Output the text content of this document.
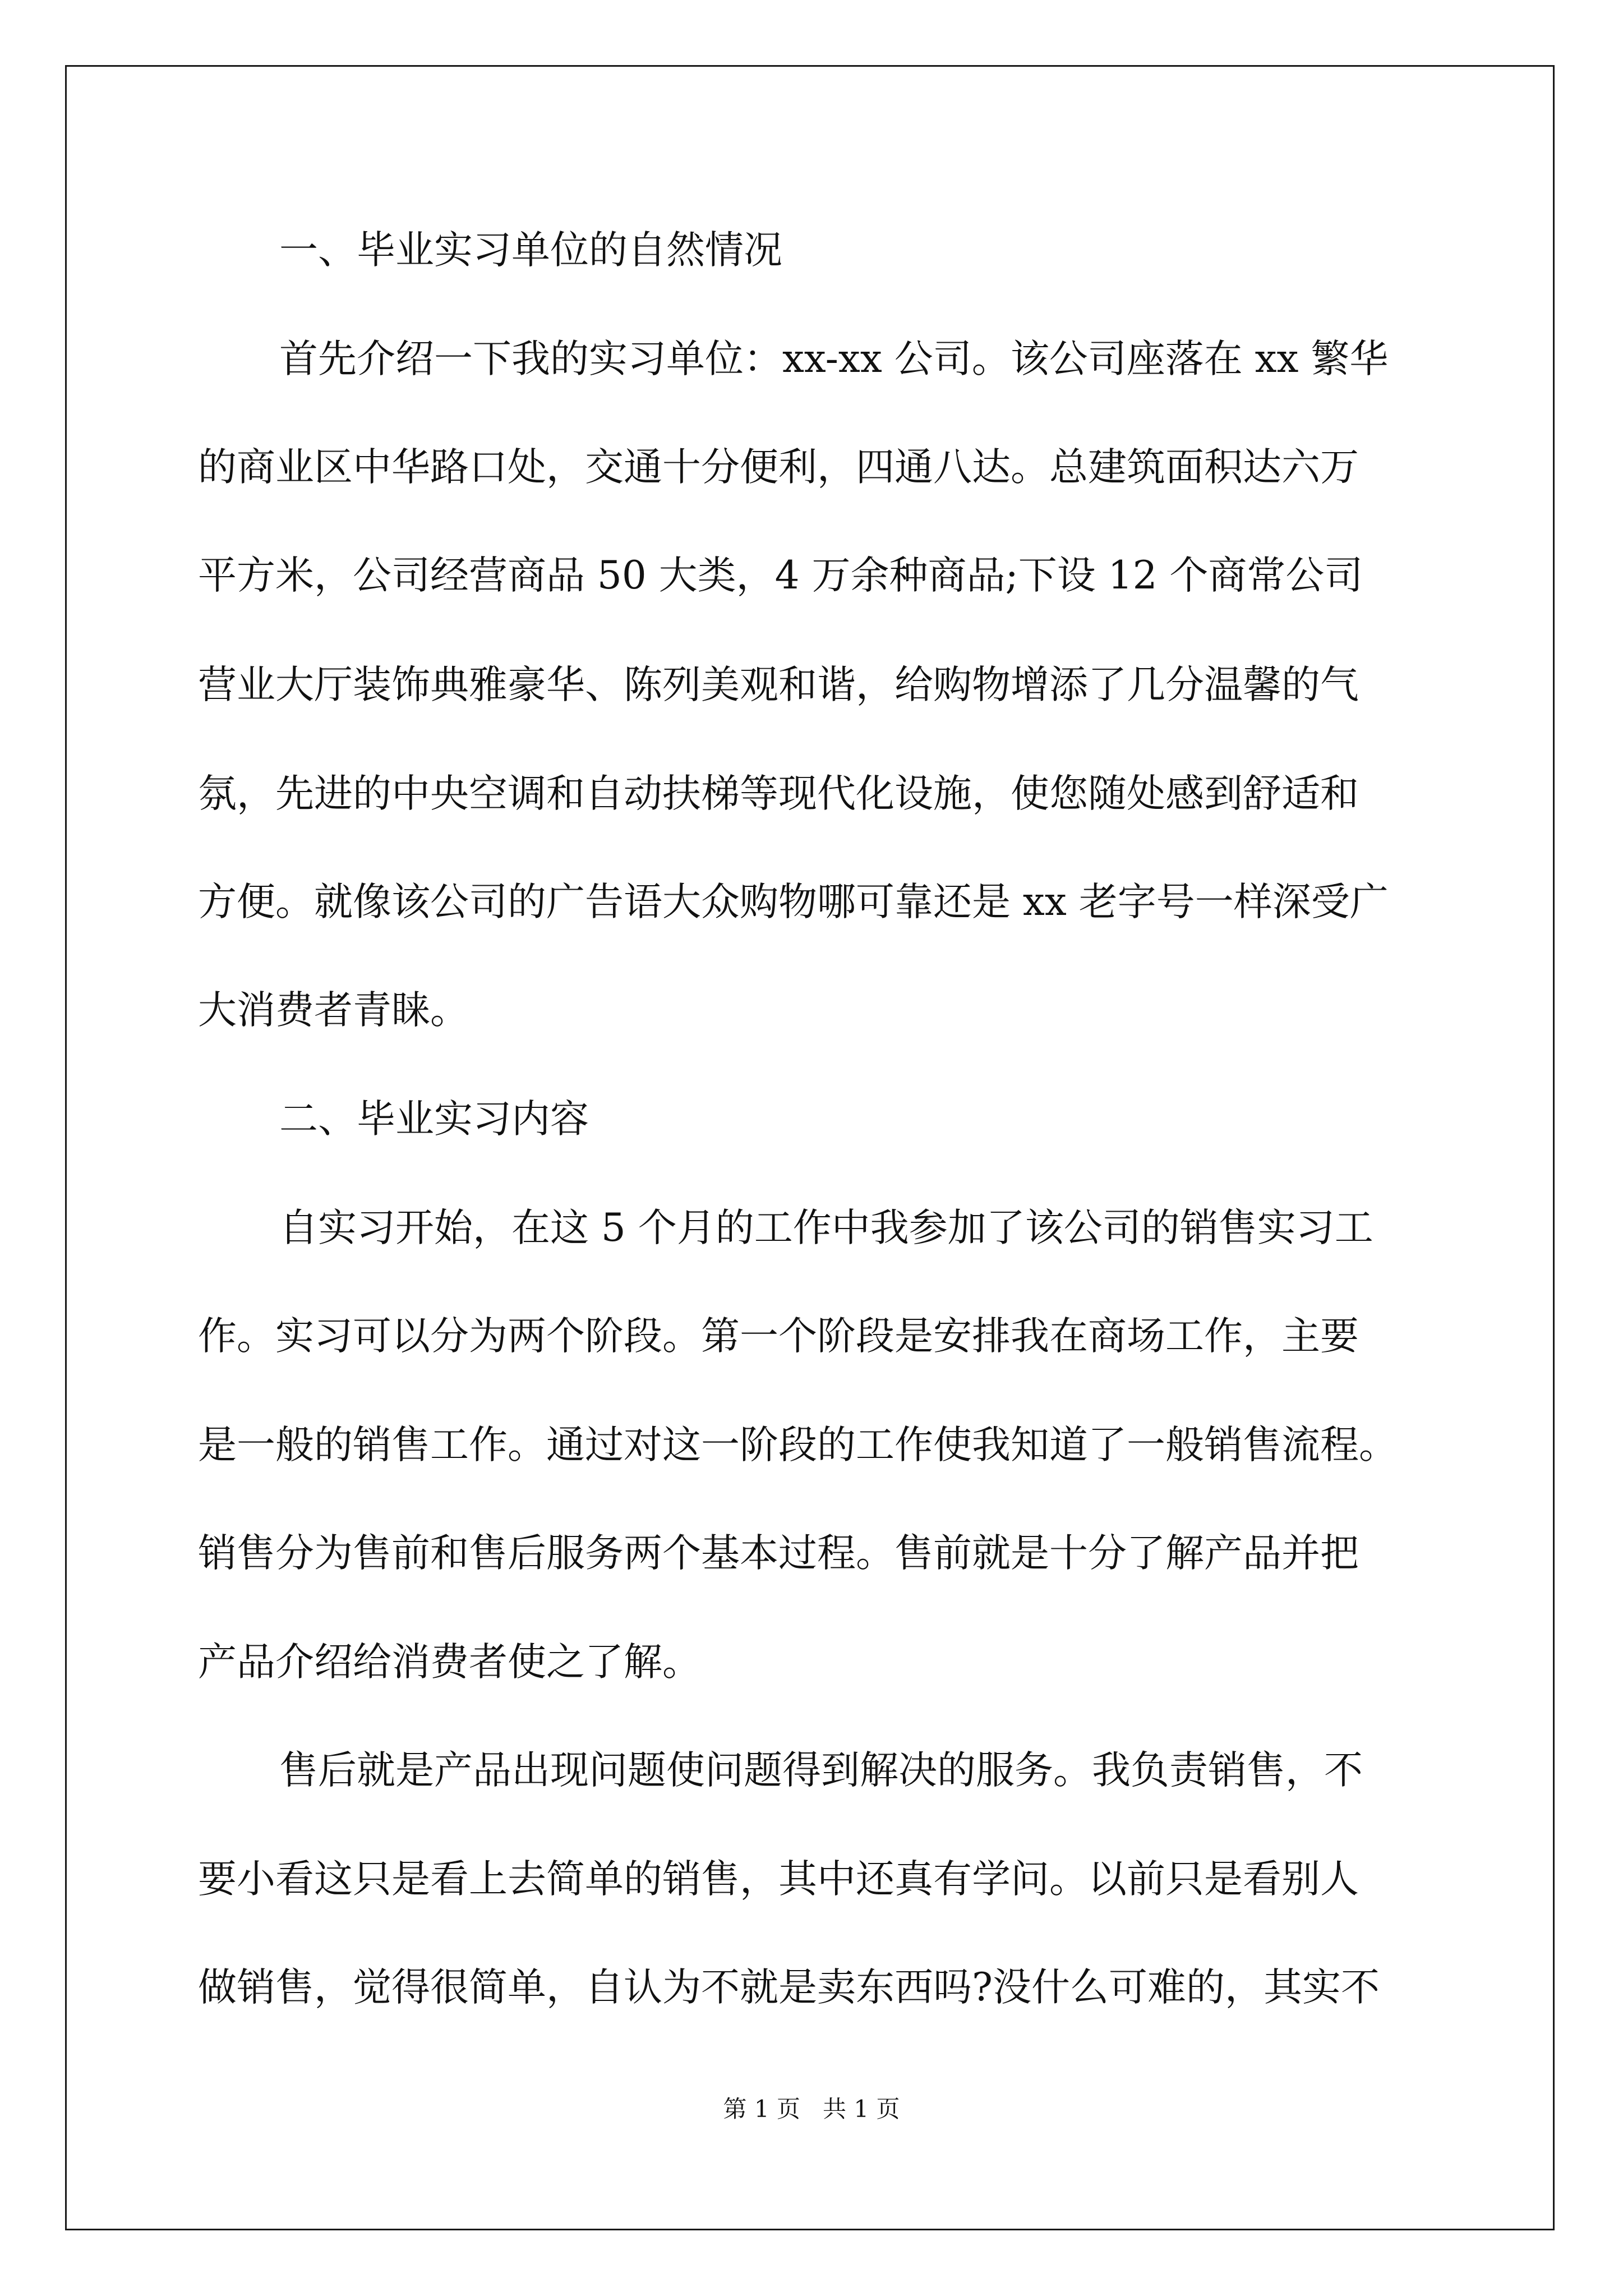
一、毕业实习单位的自然情况

首先介绍一下我的实习单位：xx-xx 公司。该公司座落在 xx 繁华

的商业区中华路口处，交通十分便利，四通八达。总建筑面积达六万

平方米，公司经营商品 50 大类，4 万余种商品;下设 12 个商常公司

营业大厅装饰典雅豪华、陈列美观和谐，给购物增添了几分温馨的气

氛，先进的中央空调和自动扶梯等现代化设施，使您随处感到舒适和

方便。就像该公司的广告语大众购物哪可靠还是 xx 老字号一样深受广

大消费者青睐。

二、毕业实习内容

自实习开始，在这 5 个月的工作中我参加了该公司的销售实习工

作。实习可以分为两个阶段。第一个阶段是安排我在商场工作，主要

是一般的销售工作。通过对这一阶段的工作使我知道了一般销售流程。

销售分为售前和售后服务两个基本过程。售前就是十分了解产品并把

产品介绍给消费者使之了解。

售后就是产品出现问题使问题得到解决的服务。我负责销售，不

要小看这只是看上去简单的销售，其中还真有学问。以前只是看别人

做销售，觉得很简单，自认为不就是卖东西吗?没什么可难的，其实不

第 1 页   共 1 页
